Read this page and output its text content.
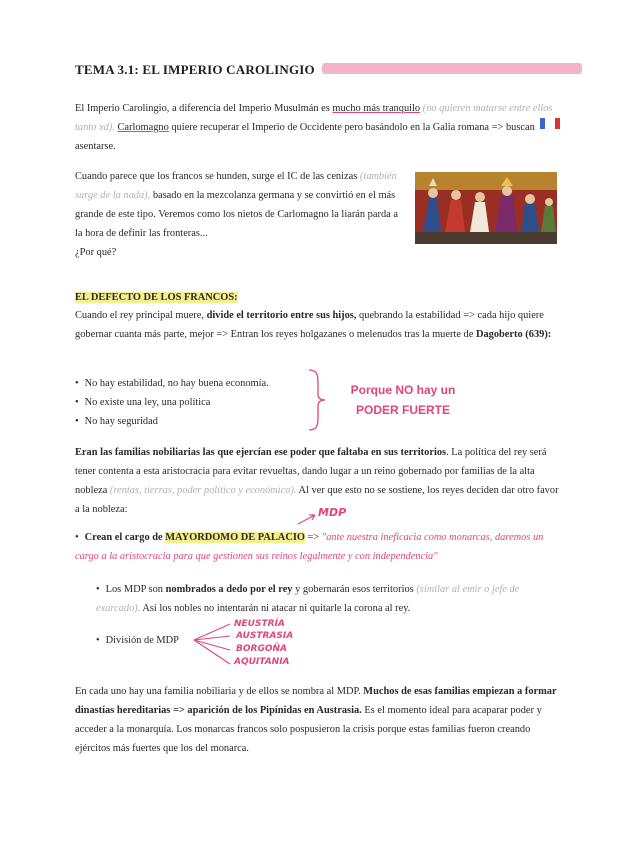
TEMA 3.1: EL IMPERIO CAROLINGIO
El Imperio Carolingio, a diferencia del Imperio Musulmán es mucho más tranquilo (no quieren matarse entre ellos tanto xd). Carlomagno quiere recuperar el Imperio de Occidente pero basándolo en la Galia romana => buscan asentarse.
Cuando parece que los francos se hunden, surge el IC de las cenizas (también surge de la nada), basado en la mezcolanza germana y se convirtió en el más grande de este tipo. Veremos como los nietos de Carlomagno la liarán parda a la hora de definir las fronteras...
¿Por qué?
EL DEFECTO DE LOS FRANCOS:
Cuando el rey principal muere, divide el territorio entre sus hijos, quebrando la estabilidad => cada hijo quiere gobernar cuanta más parte, mejor => Entran los reyes holgazanes o melenudos tras la muerte de Dagoberto (639):
• No hay estabilidad, no hay buena economía.
• No existe una ley, una política
• No hay seguridad
Porque NO hay un
PODER FUERTE
Eran las familias nobiliarias las que ejercían ese poder que faltaba en sus territorios. La política del rey será tener contenta a esta aristocracia para evitar revueltas, dando lugar a un reino gobernado por familias de la alta nobleza (rentas, tierras, poder político y económico). Al ver que esto no se sostiene, los reyes deciden dar otro favor a la nobleza:	MDP
• Crean el cargo de MAYORDOMO DE PALACIO => "ante nuestra ineficacia como monarcas, daremos un cargo a la aristocracia para que gestionen sus reinos legalmente y con independencia"
• Los MDP son nombrados a dedo por el rey y gobernarán esos territorios (similar al emir o jefe de exarcado). Así los nobles no intentarán ni atacar ni quitarle la corona al rey.
• División de MDP
NEUSTRÍA
AUSTRASIA
BORGOÑA
AQUITANIA
En cada uno hay una familia nobiliaria y de ellos se nombra al MDP. Muchos de esas familias empiezan a formar dinastías hereditarias => aparición de los Pipínidas en Austrasia. Es el momento ideal para acaparar poder y acceder a la monarquía. Los monarcas francos solo pospusieron la crisis porque estas familias fueron creando ejércitos más fuertes que los del monarca.
